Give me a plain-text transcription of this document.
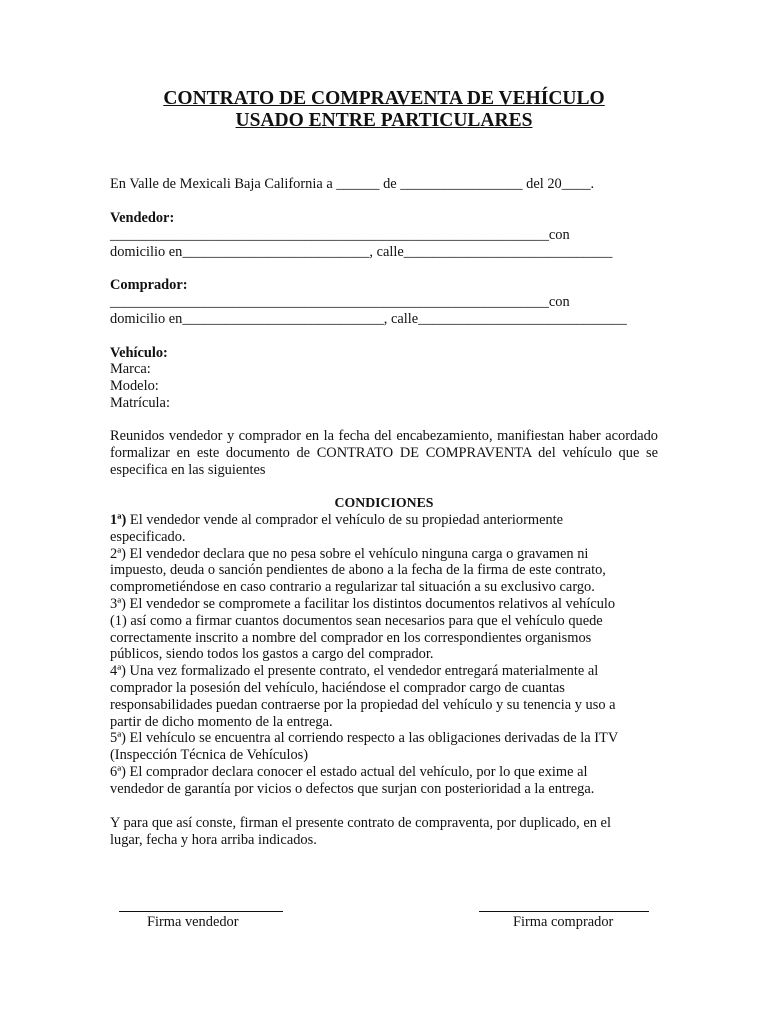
CONTRATO DE COMPRAVENTA DE VEHÍCULO
USADO ENTRE PARTICULARES
En Valle de Mexicali Baja California a ______ de _________________ del 20____.
Vendedor:
_____________________________________________________________con
domicilio en__________________________, calle_____________________________
Comprador:
_____________________________________________________________con
domicilio en____________________________, calle_____________________________
Vehículo:
Marca:
Modelo:
Matrícula:
Reunidos vendedor y comprador en la fecha del encabezamiento, manifiestan haber acordado formalizar en este documento de CONTRATO DE COMPRAVENTA del vehículo que se especifica en las siguientes
CONDICIONES
1ª) El vendedor vende al comprador el vehículo de su propiedad anteriormente
especificado.
2ª) El vendedor declara que no pesa sobre el vehículo ninguna carga o gravamen ni
impuesto, deuda o sanción pendientes de abono a la fecha de la firma de este contrato,
comprometiéndose en caso contrario a regularizar tal situación a su exclusivo cargo.
3ª) El vendedor se compromete a facilitar los distintos documentos relativos al vehículo
(1) así como a firmar cuantos documentos sean necesarios para que el vehículo quede
correctamente inscrito a nombre del comprador en los correspondientes organismos
públicos, siendo todos los gastos a cargo del comprador.
4ª) Una vez formalizado el presente contrato, el vendedor entregará materialmente al
comprador la posesión del vehículo, haciéndose el comprador cargo de cuantas
responsabilidades puedan contraerse por la propiedad del vehículo y su tenencia y uso a
partir de dicho momento de la entrega.
5ª) El vehículo se encuentra al corriendo respecto a las obligaciones derivadas de la ITV
(Inspección Técnica de Vehículos)
6ª) El comprador declara conocer el estado actual del vehículo, por lo que exime al
vendedor de garantía por vicios o defectos que surjan con posterioridad a la entrega.
Y para que así conste, firman el presente contrato de compraventa, por duplicado, en el
lugar, fecha y hora arriba indicados.
Firma vendedor	Firma comprador
